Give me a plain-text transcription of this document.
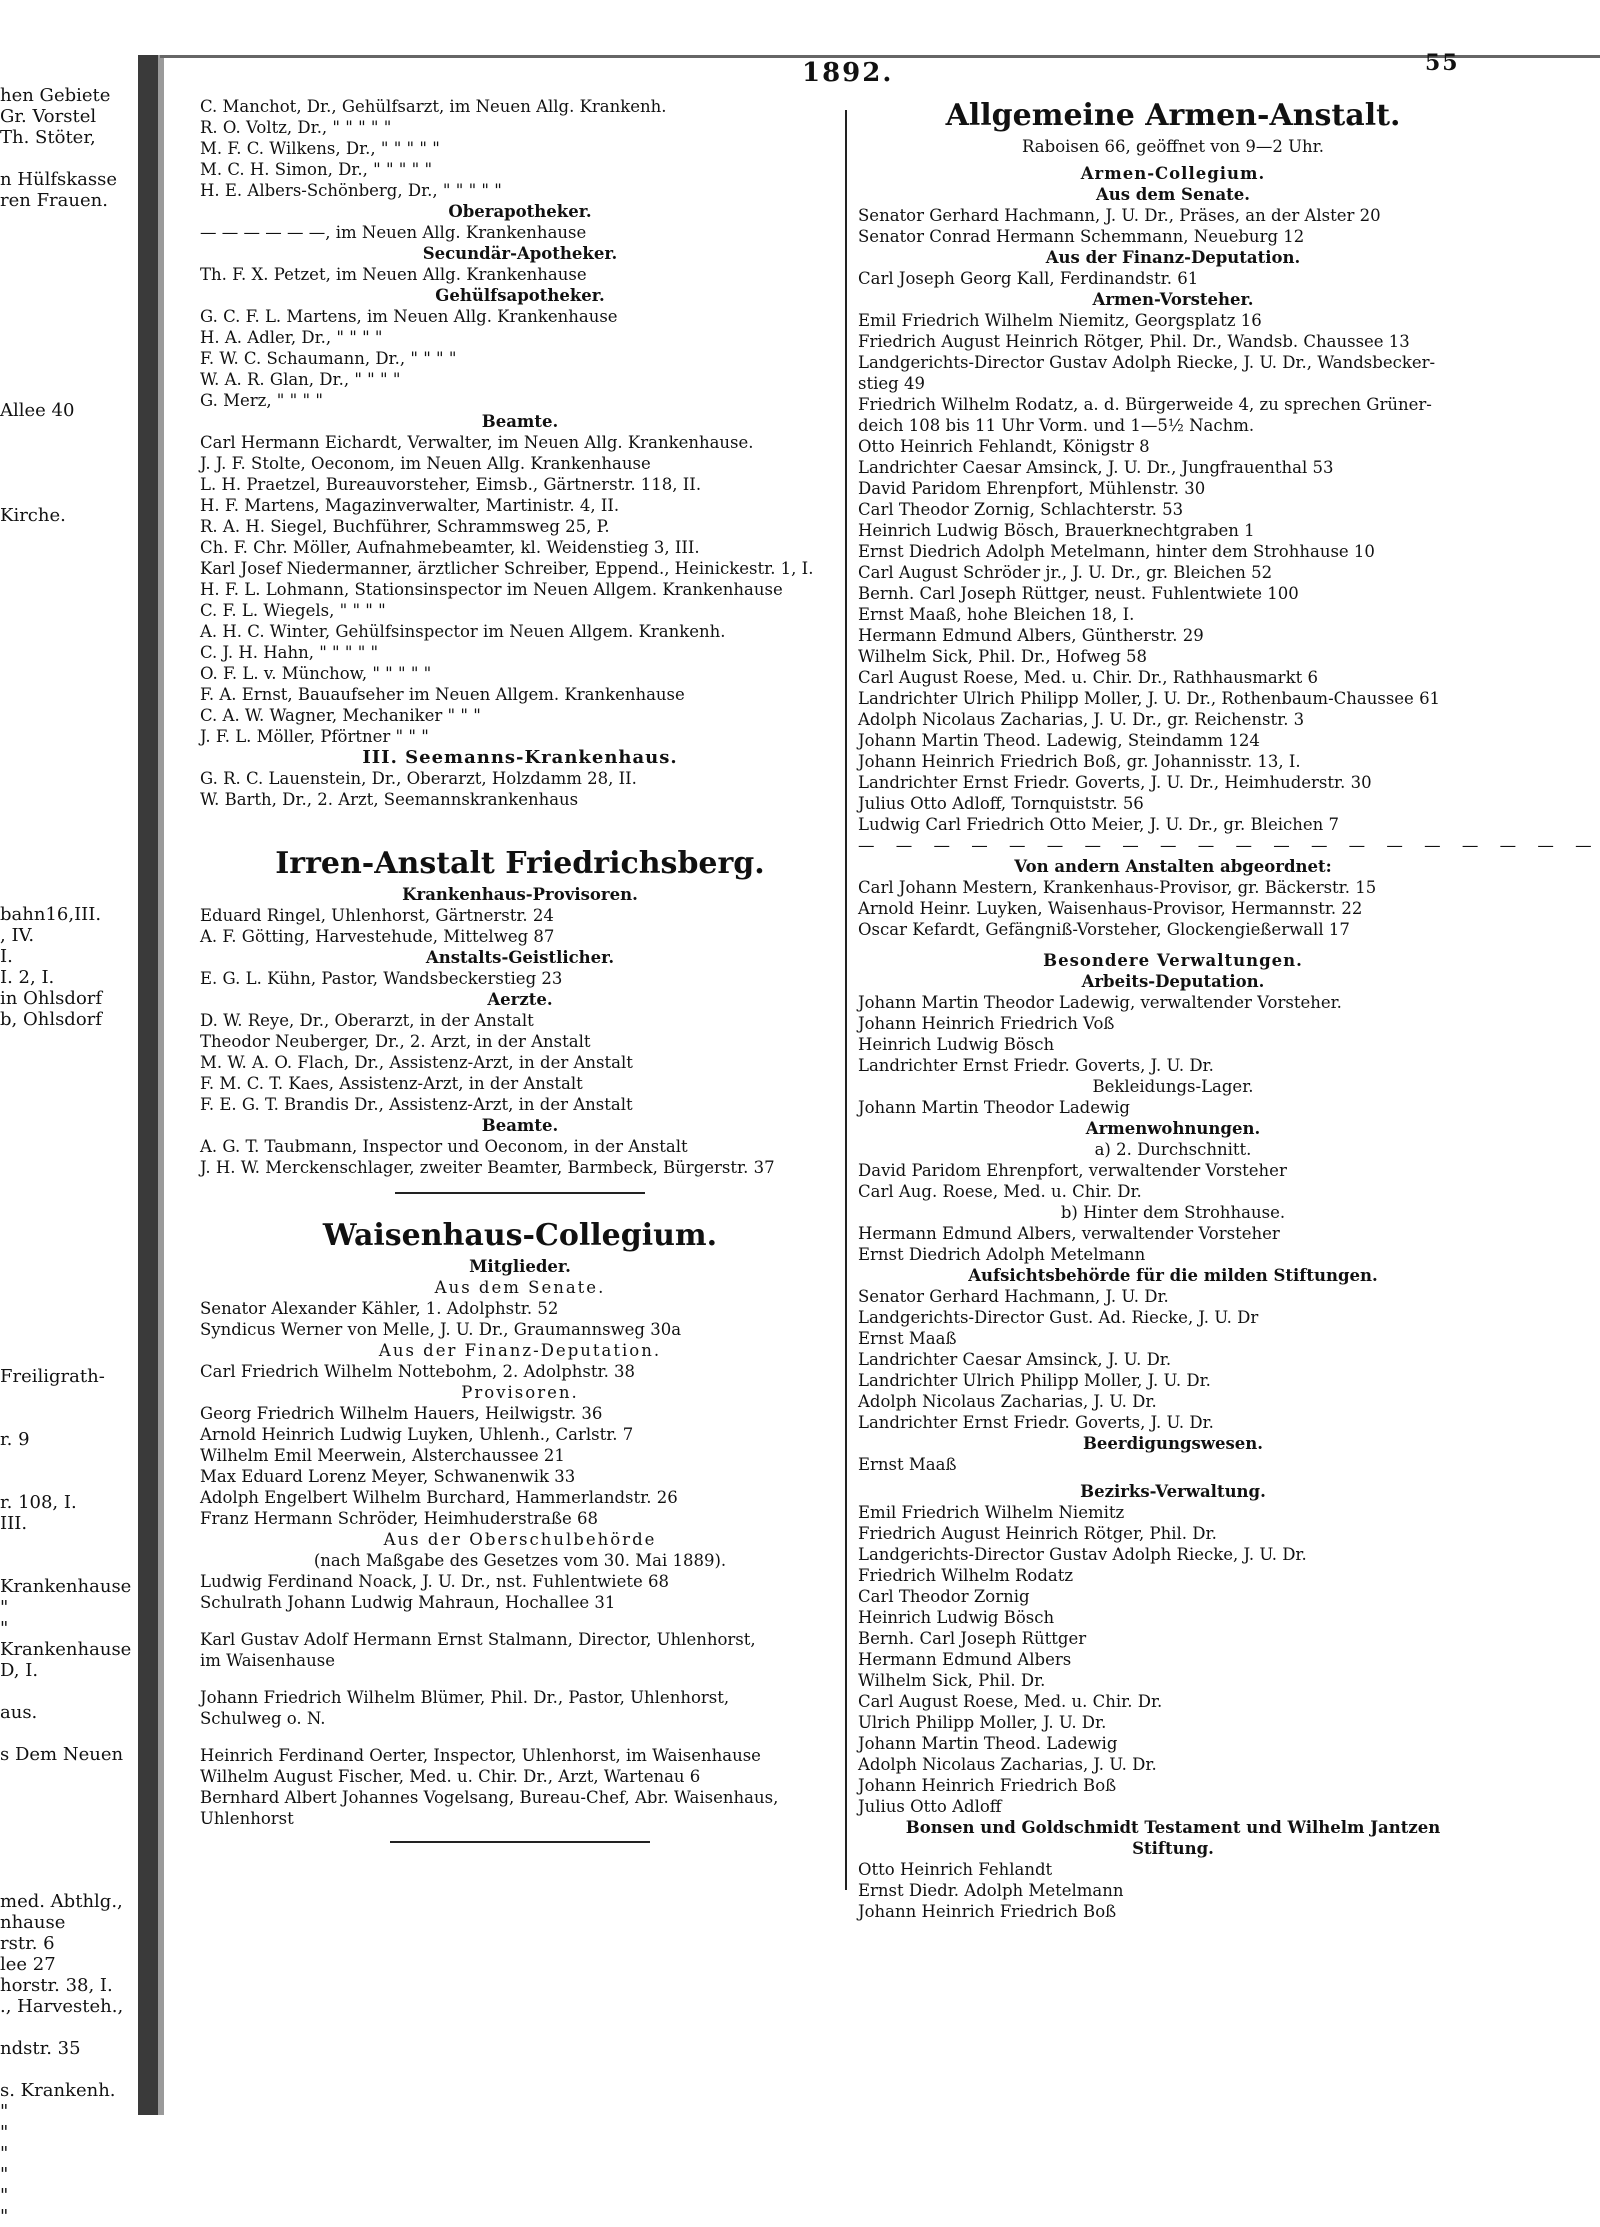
1892.	55
hen Gebiete
Gr. Vorstel
Th. Stöter,
n Hülfskasse
ren Frauen.
Allee 40
Kirche.
bahn16,III.
, IV.
I.
I. 2, I.
in Ohlsdorf
b, Ohlsdorf
Freiligrath-
r. 9
r. 108, I.
III.
Krankenhause
"
"
Krankenhause
D, I.
aus.
s Dem Neuen
med. Abthlg.,
nhause
rstr. 6
lee 27
horstr. 38, I.
., Harvesteh.,
ndstr. 35
s. Krankenh.
"
"
"
"
"
"
C. Manchot, Dr., Gehülfsarzt, im Neuen Allg. Krankenh.
R. O. Voltz, Dr., " " " " "
M. F. C. Wilkens, Dr., " " " " "
M. C. H. Simon, Dr., " " " " "
H. E. Albers-Schönberg, Dr., " " " " "
Oberapotheker.
— — — — — —, im Neuen Allg. Krankenhause
Secundär-Apotheker.
Th. F. X. Petzet, im Neuen Allg. Krankenhause
Gehülfsapotheker.
G. C. F. L. Martens, im Neuen Allg. Krankenhause
H. A. Adler, Dr., " " " "
F. W. C. Schaumann, Dr., " " " "
W. A. R. Glan, Dr., " " " "
G. Merz, " " " "
Beamte.
Carl Hermann Eichardt, Verwalter, im Neuen Allg. Krankenhause.
J. J. F. Stolte, Oeconom, im Neuen Allg. Krankenhause
L. H. Praetzel, Bureauvorsteher, Eimsb., Gärtnerstr. 118, II.
H. F. Martens, Magazinverwalter, Martinistr. 4, II.
R. A. H. Siegel, Buchführer, Schrammsweg 25, P.
Ch. F. Chr. Möller, Aufnahmebeamter, kl. Weidenstieg 3, III.
Karl Josef Niedermanner, ärztlicher Schreiber, Eppend., Heinickestr. 1, I.
H. F. L. Lohmann, Stationsinspector im Neuen Allgem. Krankenhause
C. F. L. Wiegels, " " " "
A. H. C. Winter, Gehülfsinspector im Neuen Allgem. Krankenh.
C. J. H. Hahn, " " " " "
O. F. L. v. Münchow, " " " " "
F. A. Ernst, Bauaufseher im Neuen Allgem. Krankenhause
C. A. W. Wagner, Mechaniker " " "
J. F. L. Möller, Pförtner " " "
III. Seemanns-Krankenhaus.
G. R. C. Lauenstein, Dr., Oberarzt, Holzdamm 28, II.
W. Barth, Dr., 2. Arzt, Seemannskrankenhaus
Irren-Anstalt Friedrichsberg.
Krankenhaus-Provisoren.
Eduard Ringel, Uhlenhorst, Gärtnerstr. 24
A. F. Götting, Harvestehude, Mittelweg 87
Anstalts-Geistlicher.
E. G. L. Kühn, Pastor, Wandsbeckerstieg 23
Aerzte.
D. W. Reye, Dr., Oberarzt, in der Anstalt
Theodor Neuberger, Dr., 2. Arzt, in der Anstalt
M. W. A. O. Flach, Dr., Assistenz-Arzt, in der Anstalt
F. M. C. T. Kaes, Assistenz-Arzt, in der Anstalt
F. E. G. T. Brandis Dr., Assistenz-Arzt, in der Anstalt
Beamte.
A. G. T. Taubmann, Inspector und Oeconom, in der Anstalt
J. H. W. Merckenschlager, zweiter Beamter, Barmbeck, Bürgerstr. 37
Waisenhaus-Collegium.
Mitglieder.
Aus dem Senate.
Senator Alexander Kähler, 1. Adolphstr. 52
Syndicus Werner von Melle, J. U. Dr., Graumannsweg 30a
Aus der Finanz-Deputation.
Carl Friedrich Wilhelm Nottebohm, 2. Adolphstr. 38
Provisoren.
Georg Friedrich Wilhelm Hauers, Heilwigstr. 36
Arnold Heinrich Ludwig Luyken, Uhlenh., Carlstr. 7
Wilhelm Emil Meerwein, Alsterchaussee 21
Max Eduard Lorenz Meyer, Schwanenwik 33
Adolph Engelbert Wilhelm Burchard, Hammerlandstr. 26
Franz Hermann Schröder, Heimhuderstraße 68
Aus der Oberschulbehörde
(nach Maßgabe des Gesetzes vom 30. Mai 1889).
Ludwig Ferdinand Noack, J. U. Dr., nst. Fuhlentwiete 68
Schulrath Johann Ludwig Mahraun, Hochallee 31
Karl Gustav Adolf Hermann Ernst Stalmann, Director, Uhlenhorst,
im Waisenhause
Johann Friedrich Wilhelm Blümer, Phil. Dr., Pastor, Uhlenhorst,
Schulweg o. N.
Heinrich Ferdinand Oerter, Inspector, Uhlenhorst, im Waisenhause
Wilhelm August Fischer, Med. u. Chir. Dr., Arzt, Wartenau 6
Bernhard Albert Johannes Vogelsang, Bureau-Chef, Abr. Waisenhaus,
Uhlenhorst
Allgemeine Armen-Anstalt.
Raboisen 66, geöffnet von 9—2 Uhr.
Armen-Collegium.
Aus dem Senate.
Senator Gerhard Hachmann, J. U. Dr., Präses, an der Alster 20
Senator Conrad Hermann Schemmann, Neueburg 12
Aus der Finanz-Deputation.
Carl Joseph Georg Kall, Ferdinandstr. 61
Armen-Vorsteher.
Emil Friedrich Wilhelm Niemitz, Georgsplatz 16
Friedrich August Heinrich Rötger, Phil. Dr., Wandsb. Chaussee 13
Landgerichts-Director Gustav Adolph Riecke, J. U. Dr., Wandsbecker-
stieg 49
Friedrich Wilhelm Rodatz, a. d. Bürgerweide 4, zu sprechen Grüner-
deich 108 bis 11 Uhr Vorm. und 1—5½ Nachm.
Otto Heinrich Fehlandt, Königstr 8
Landrichter Caesar Amsinck, J. U. Dr., Jungfrauenthal 53
David Paridom Ehrenpfort, Mühlenstr. 30
Carl Theodor Zornig, Schlachterstr. 53
Heinrich Ludwig Bösch, Brauerknechtgraben 1
Ernst Diedrich Adolph Metelmann, hinter dem Strohhause 10
Carl August Schröder jr., J. U. Dr., gr. Bleichen 52
Bernh. Carl Joseph Rüttger, neust. Fuhlentwiete 100
Ernst Maaß, hohe Bleichen 18, I.
Hermann Edmund Albers, Güntherstr. 29
Wilhelm Sick, Phil. Dr., Hofweg 58
Carl August Roese, Med. u. Chir. Dr., Rathhausmarkt 6
Landrichter Ulrich Philipp Moller, J. U. Dr., Rothenbaum-Chaussee 61
Adolph Nicolaus Zacharias, J. U. Dr., gr. Reichenstr. 3
Johann Martin Theod. Ladewig, Steindamm 124
Johann Heinrich Friedrich Boß, gr. Johannisstr. 13, I.
Landrichter Ernst Friedr. Goverts, J. U. Dr., Heimhuderstr. 30
Julius Otto Adloff, Tornquiststr. 56
Ludwig Carl Friedrich Otto Meier, J. U. Dr., gr. Bleichen 7
— — — — — — — — — — — — — — — — — — — —
Von andern Anstalten abgeordnet:
Carl Johann Mestern, Krankenhaus-Provisor, gr. Bäckerstr. 15
Arnold Heinr. Luyken, Waisenhaus-Provisor, Hermannstr. 22
Oscar Kefardt, Gefängniß-Vorsteher, Glockengießerwall 17
Besondere Verwaltungen.
Arbeits-Deputation.
Johann Martin Theodor Ladewig, verwaltender Vorsteher.
Johann Heinrich Friedrich Voß
Heinrich Ludwig Bösch
Landrichter Ernst Friedr. Goverts, J. U. Dr.
Bekleidungs-Lager.
Johann Martin Theodor Ladewig
Armenwohnungen.
a) 2. Durchschnitt.
David Paridom Ehrenpfort, verwaltender Vorsteher
Carl Aug. Roese, Med. u. Chir. Dr.
b) Hinter dem Strohhause.
Hermann Edmund Albers, verwaltender Vorsteher
Ernst Diedrich Adolph Metelmann
Aufsichtsbehörde für die milden Stiftungen.
Senator Gerhard Hachmann, J. U. Dr.
Landgerichts-Director Gust. Ad. Riecke, J. U. Dr
Ernst Maaß
Landrichter Caesar Amsinck, J. U. Dr.
Landrichter Ulrich Philipp Moller, J. U. Dr.
Adolph Nicolaus Zacharias, J. U. Dr.
Landrichter Ernst Friedr. Goverts, J. U. Dr.
Beerdigungswesen.
Ernst Maaß
Bezirks-Verwaltung.
Emil Friedrich Wilhelm Niemitz
Friedrich August Heinrich Rötger, Phil. Dr.
Landgerichts-Director Gustav Adolph Riecke, J. U. Dr.
Friedrich Wilhelm Rodatz
Carl Theodor Zornig
Heinrich Ludwig Bösch
Bernh. Carl Joseph Rüttger
Hermann Edmund Albers
Wilhelm Sick, Phil. Dr.
Carl August Roese, Med. u. Chir. Dr.
Ulrich Philipp Moller, J. U. Dr.
Johann Martin Theod. Ladewig
Adolph Nicolaus Zacharias, J. U. Dr.
Johann Heinrich Friedrich Boß
Julius Otto Adloff
Bonsen und Goldschmidt Testament und Wilhelm Jantzen
Stiftung.
Otto Heinrich Fehlandt
Ernst Diedr. Adolph Metelmann
Johann Heinrich Friedrich Boß
